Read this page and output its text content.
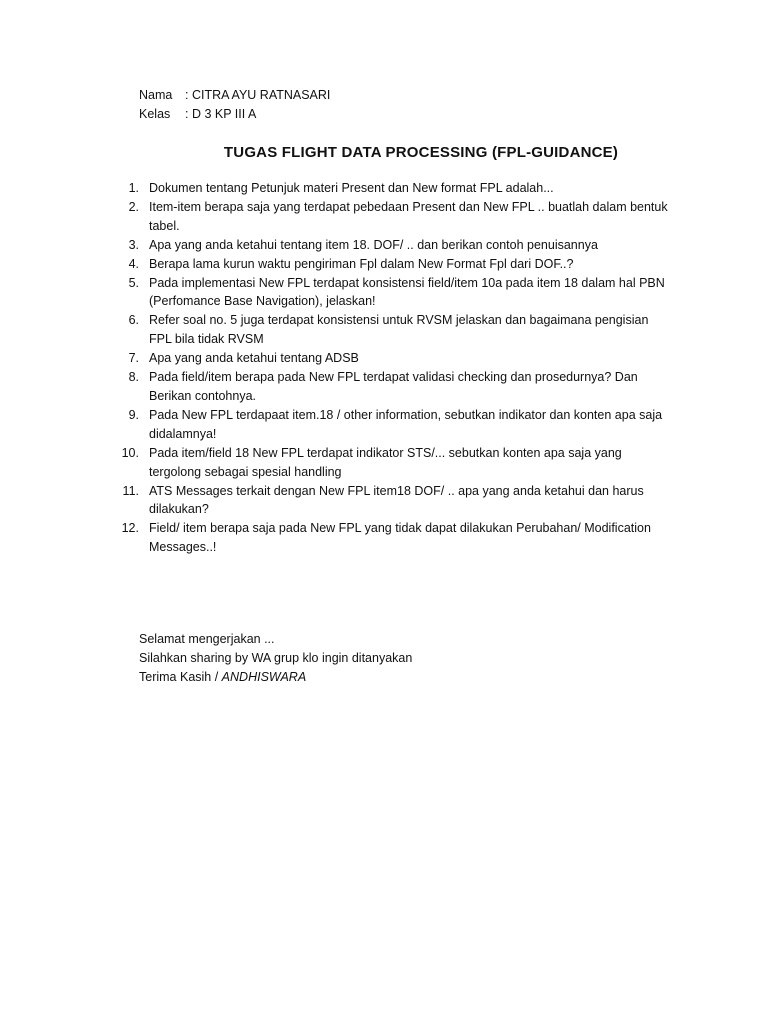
Nama	: CITRA AYU RATNASARI
Kelas	: D 3 KP III A
TUGAS FLIGHT DATA PROCESSING (FPL-GUIDANCE)
1. Dokumen tentang Petunjuk materi Present dan New format FPL adalah...
2. Item-item berapa saja yang terdapat pebedaan Present dan New FPL .. buatlah dalam bentuk tabel.
3. Apa yang anda ketahui tentang item 18. DOF/ .. dan berikan contoh penuisannya
4. Berapa lama kurun waktu pengiriman Fpl dalam New Format Fpl dari DOF..?
5. Pada implementasi New FPL terdapat konsistensi field/item 10a pada item 18 dalam hal PBN (Perfomance Base Navigation), jelaskan!
6. Refer soal no. 5 juga terdapat konsistensi untuk RVSM jelaskan dan bagaimana pengisian FPL bila tidak RVSM
7. Apa yang anda ketahui tentang ADSB
8. Pada field/item berapa pada New FPL terdapat validasi checking dan prosedurnya? Dan Berikan contohnya.
9. Pada New FPL terdapaat item.18 / other information, sebutkan indikator dan konten apa saja didalamnya!
10. Pada item/field 18 New FPL terdapat indikator STS/... sebutkan konten apa saja yang tergolong sebagai spesial handling
11. ATS Messages terkait dengan New FPL item18 DOF/ .. apa yang anda ketahui dan harus dilakukan?
12. Field/ item berapa saja pada New FPL yang tidak dapat dilakukan Perubahan/ Modification Messages..!
Selamat mengerjakan ...
Silahkan sharing by WA grup klo ingin ditanyakan
Terima Kasih / ANDHISWARA
